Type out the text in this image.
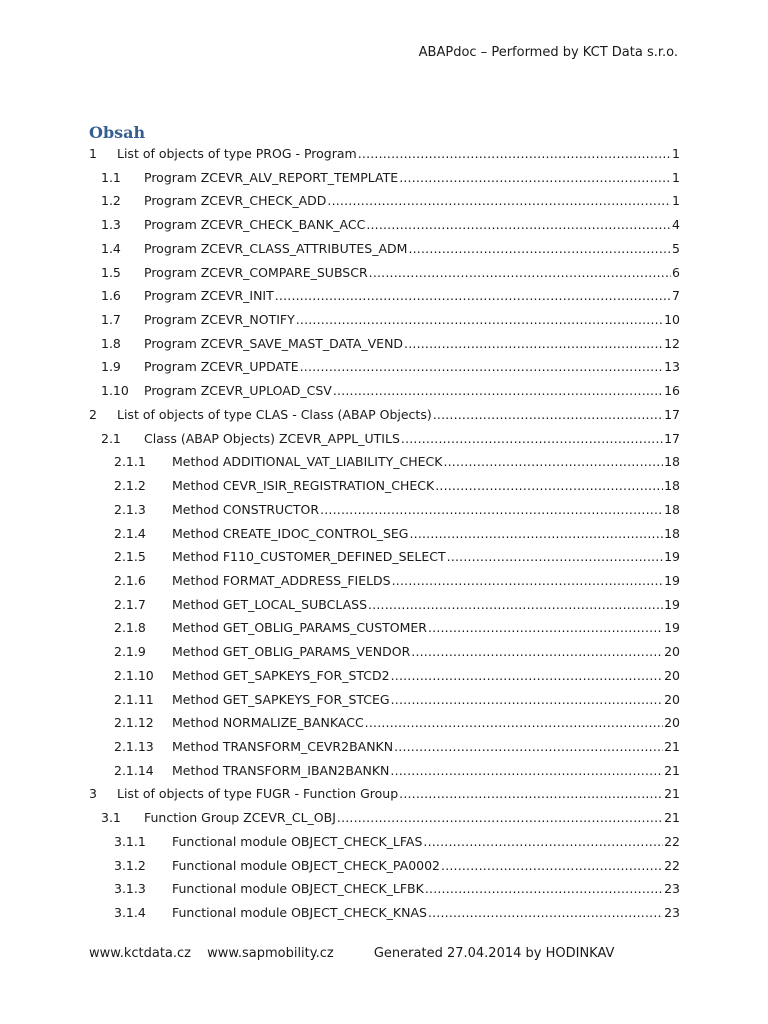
ABAPdoc – Performed by KCT Data s.r.o.
Obsah
1	List of objects of type PROG - Program .....	1
1.1	Program ZCEVR_ALV_REPORT_TEMPLATE .....	1
1.2	Program ZCEVR_CHECK_ADD .....	1
1.3	Program ZCEVR_CHECK_BANK_ACC .....	4
1.4	Program ZCEVR_CLASS_ATTRIBUTES_ADM .....	5
1.5	Program ZCEVR_COMPARE_SUBSCR .....	6
1.6	Program ZCEVR_INIT .....	7
1.7	Program ZCEVR_NOTIFY .....	10
1.8	Program ZCEVR_SAVE_MAST_DATA_VEND .....	12
1.9	Program ZCEVR_UPDATE .....	13
1.10	Program ZCEVR_UPLOAD_CSV .....	16
2	List of objects of type CLAS - Class (ABAP Objects) .....	17
2.1	Class (ABAP Objects) ZCEVR_APPL_UTILS .....	17
2.1.1	Method ADDITIONAL_VAT_LIABILITY_CHECK .....	18
2.1.2	Method CEVR_ISIR_REGISTRATION_CHECK .....	18
2.1.3	Method CONSTRUCTOR .....	18
2.1.4	Method CREATE_IDOC_CONTROL_SEG .....	18
2.1.5	Method F110_CUSTOMER_DEFINED_SELECT .....	19
2.1.6	Method FORMAT_ADDRESS_FIELDS .....	19
2.1.7	Method GET_LOCAL_SUBCLASS .....	19
2.1.8	Method GET_OBLIG_PARAMS_CUSTOMER .....	19
2.1.9	Method GET_OBLIG_PARAMS_VENDOR .....	20
2.1.10	Method GET_SAPKEYS_FOR_STCD2 .....	20
2.1.11	Method GET_SAPKEYS_FOR_STCEG .....	20
2.1.12	Method NORMALIZE_BANKACC .....	20
2.1.13	Method TRANSFORM_CEVR2BANKN .....	21
2.1.14	Method TRANSFORM_IBAN2BANKN .....	21
3	List of objects of type FUGR - Function Group .....	21
3.1	Function Group ZCEVR_CL_OBJ .....	21
3.1.1	Functional module OBJECT_CHECK_LFAS .....	22
3.1.2	Functional module OBJECT_CHECK_PA0002 .....	22
3.1.3	Functional module OBJECT_CHECK_LFBK .....	23
3.1.4	Functional module OBJECT_CHECK_KNAS .....	23
www.kctdata.cz www.sapmobility.cz	Generated 27.04.2014 by HODINKAV
